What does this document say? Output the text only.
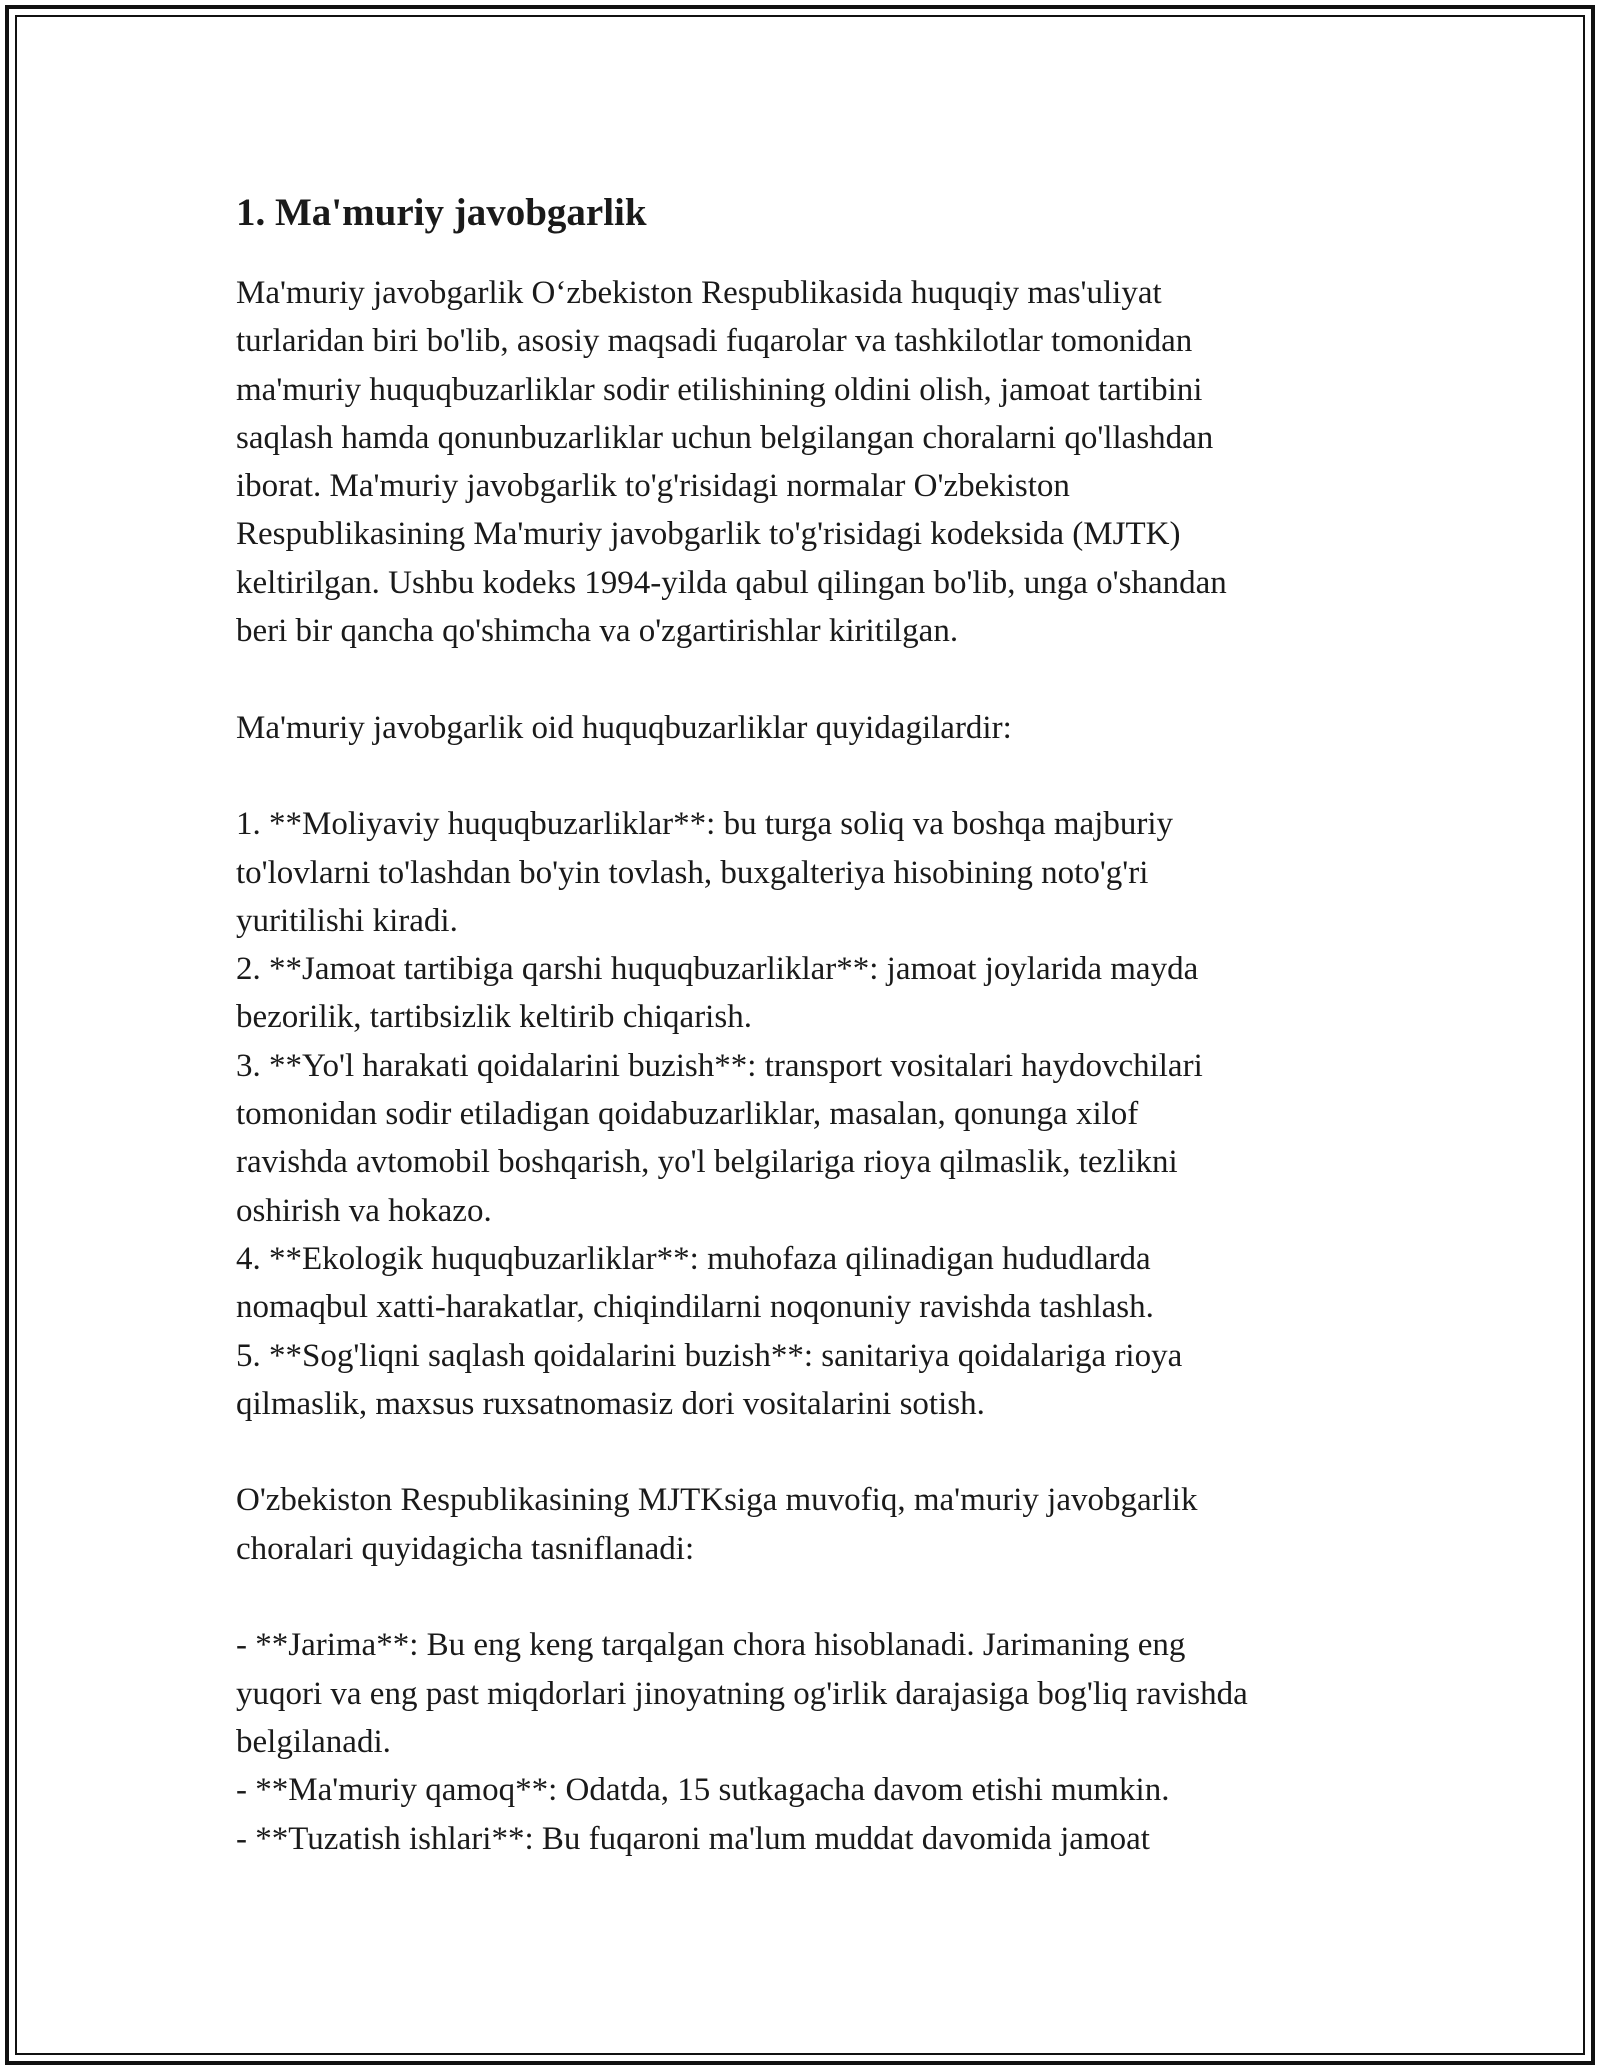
1. Ma'muriy javobgarlik

Ma'muriy javobgarlik O‘zbekiston Respublikasida huquqiy mas'uliyat
turlaridan biri bo'lib, asosiy maqsadi fuqarolar va tashkilotlar tomonidan
ma'muriy huquqbuzarliklar sodir etilishining oldini olish, jamoat tartibini
saqlash hamda qonunbuzarliklar uchun belgilangan choralarni qo'llashdan
iborat. Ma'muriy javobgarlik to'g'risidagi normalar O'zbekiston
Respublikasining Ma'muriy javobgarlik to'g'risidagi kodeksida (MJTK)
keltirilgan. Ushbu kodeks 1994-yilda qabul qilingan bo'lib, unga o'shandan
beri bir qancha qo'shimcha va o'zgartirishlar kiritilgan.

Ma'muriy javobgarlik oid huquqbuzarliklar quyidagilardir:

1. **Moliyaviy huquqbuzarliklar**: bu turga soliq va boshqa majburiy
to'lovlarni to'lashdan bo'yin tovlash, buxgalteriya hisobining noto'g'ri
yuritilishi kiradi.

2. **Jamoat tartibiga qarshi huquqbuzarliklar**: jamoat joylarida mayda
bezorilik, tartibsizlik keltirib chiqarish.

3. **Yo'l harakati qoidalarini buzish**: transport vositalari haydovchilari
tomonidan sodir etiladigan qoidabuzarliklar, masalan, qonunga xilof
ravishda avtomobil boshqarish, yo'l belgilariga rioya qilmaslik, tezlikni
oshirish va hokazo.

4. **Ekologik huquqbuzarliklar**: muhofaza qilinadigan hududlarda
nomaqbul xatti-harakatlar, chiqindilarni noqonuniy ravishda tashlash.

5. **Sog'liqni saqlash qoidalarini buzish**: sanitariya qoidalariga rioya
qilmaslik, maxsus ruxsatnomasiz dori vositalarini sotish.

O'zbekiston Respublikasining MJTKsiga muvofiq, ma'muriy javobgarlik
choralari quyidagicha tasniflanadi:

- **Jarima**: Bu eng keng tarqalgan chora hisoblanadi. Jarimaning eng
yuqori va eng past miqdorlari jinoyatning og'irlik darajasiga bog'liq ravishda
belgilanadi.

- **Ma'muriy qamoq**: Odatda, 15 sutkagacha davom etishi mumkin.

- **Tuzatish ishlari**: Bu fuqaroni ma'lum muddat davomida jamoat
